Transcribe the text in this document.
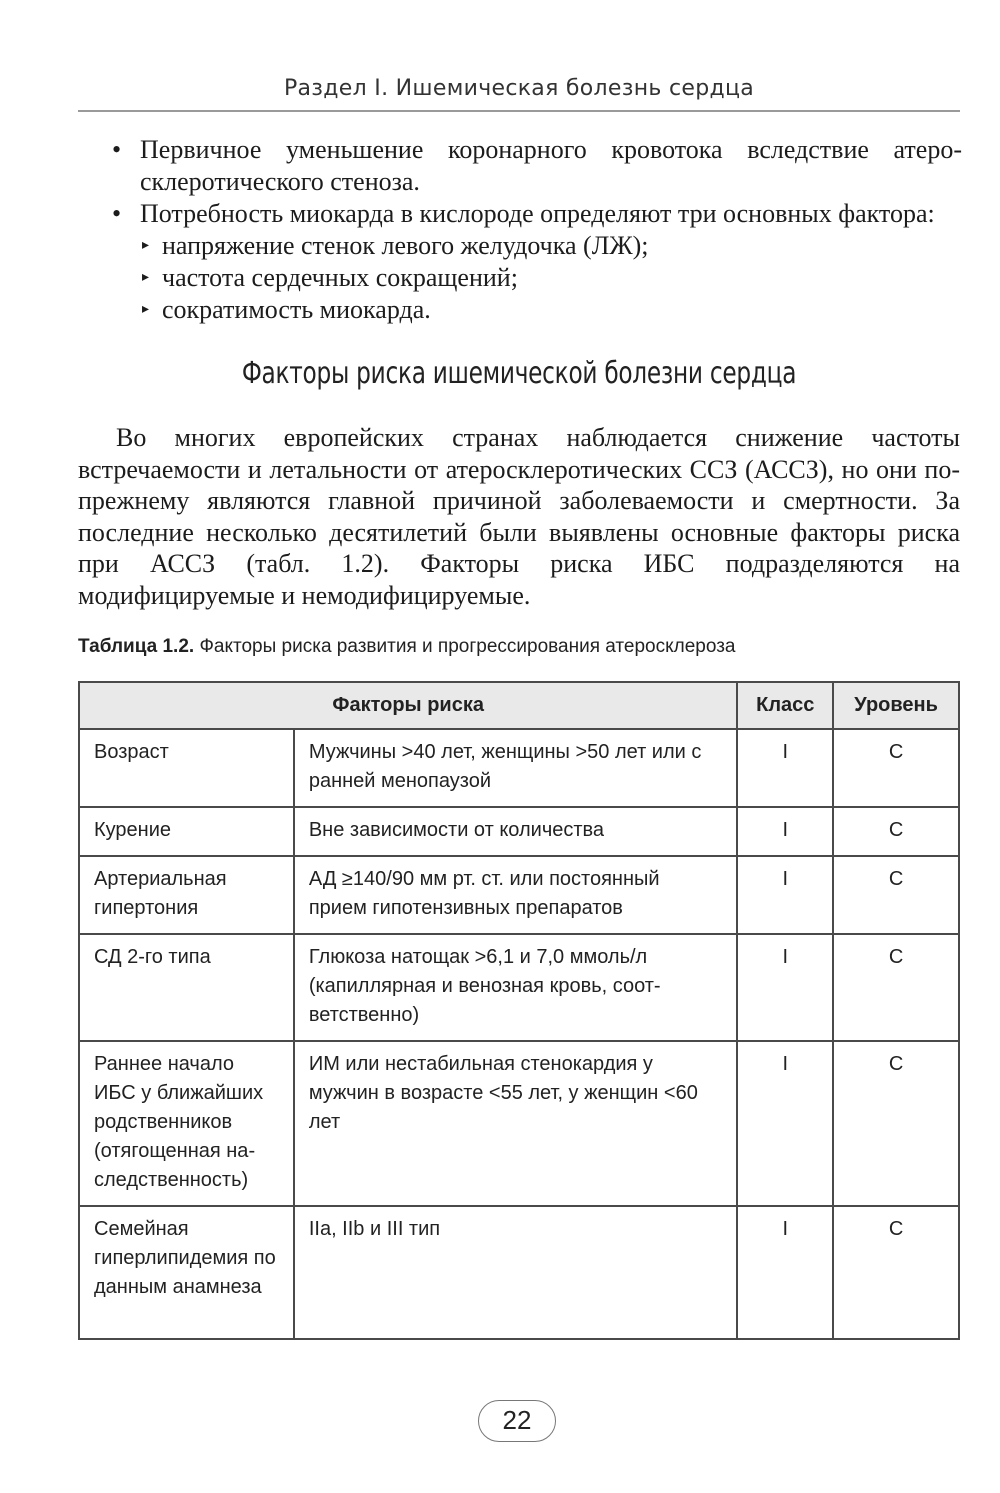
Раздел I. Ишемическая болезнь сердца
• Первичное уменьшение коронарного кровотока вследствие атеросклеротического стеноза.
• Потребность миокарда в кислороде определяют три основных фактора:
▸ напряжение стенок левого желудочка (ЛЖ);
▸ частота сердечных сокращений;
▸ сократимость миокарда.
Факторы риска ишемической болезни сердца

Во многих европейских странах наблюдается снижение частоты встречаемости и летальности от атеросклеротических ССЗ (АССЗ), но они по-прежнему являются главной причиной заболеваемости и смертности. За последние несколько десятилетий были выявлены основные факторы риска при АССЗ (табл. 1.2). Факторы риска ИБС подразделяются на модифицируемые и немодифицируемые.

Таблица 1.2. Факторы риска развития и прогрессирования атеросклероза
Факторы риска		Класс	Уровень
Возраст	Мужчины >40 лет, женщины >50 лет или с ранней менопаузой	I	C
Курение	Вне зависимости от количества	I	C
Артериальная гипертония	АД ≥140/90 мм рт. ст. или постоянный прием гипотензивных препаратов	I	C
СД 2-го типа	Глюкоза натощак >6,1 и 7,0 ммоль/л (капиллярная и венозная кровь, соответственно)	I	C
Раннее начало ИБС у ближайших родственников (отягощенная наследственность)	ИМ или нестабильная стенокардия у мужчин в возрасте <55 лет, у женщин <60 лет	I	C
Семейная гиперлипидемия по данным анамнеза	IIa, IIb и III тип	I	C
22
